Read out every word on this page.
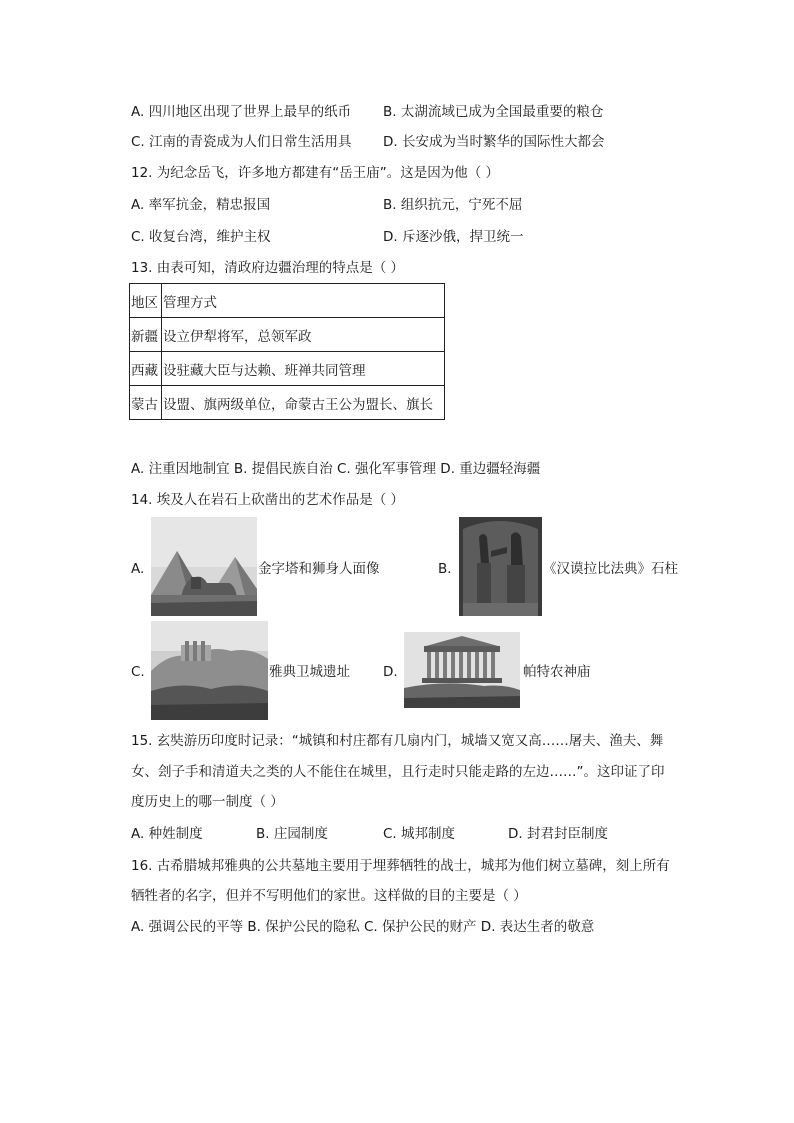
A. 四川地区出现了世界上最早的纸币 B. 太湖流域已成为全国最重要的粮仓
C. 江南的青瓷成为人们日常生活用具 D. 长安成为当时繁华的国际性大都会
12. 为纪念岳飞，许多地方都建有“岳王庙”。这是因为他（ ）
A. 率军抗金，精忠报国	B. 组织抗元，宁死不屈
C. 收复台湾，维护主权	D. 斥逐沙俄，捍卫统一
13. 由表可知，清政府边疆治理的特点是（ ）
地区	管理方式
新疆	设立伊犁将军，总领军政
西藏	设驻藏大臣与达赖、班禅共同管理
蒙古	设盟、旗两级单位，命蒙古王公为盟长、旗长
A. 注重因地制宜 B. 提倡民族自治 C. 强化军事管理 D. 重边疆轻海疆
14. 埃及人在岩石上砍凿出的艺术作品是（ ）
A.	金字塔和狮身人面像	B.	《汉谟拉比法典》石柱
C.	雅典卫城遗址 D.	帕特农神庙
15. 玄奘游历印度时记录：“城镇和村庄都有几扇内门，城墙又宽又高……屠夫、渔夫、舞
女、刽子手和清道夫之类的人不能住在城里，且行走时只能走路的左边……”。这印证了印
度历史上的哪一制度（ ）
A. 种姓制度	B. 庄园制度	C. 城邦制度	D. 封君封臣制度
16. 古希腊城邦雅典的公共墓地主要用于埋葬牺牲的战士，城邦为他们树立墓碑，刻上所有
牺牲者的名字，但并不写明他们的家世。这样做的目的主要是（ ）
A. 强调公民的平等 B. 保护公民的隐私 C. 保护公民的财产 D. 表达生者的敬意
